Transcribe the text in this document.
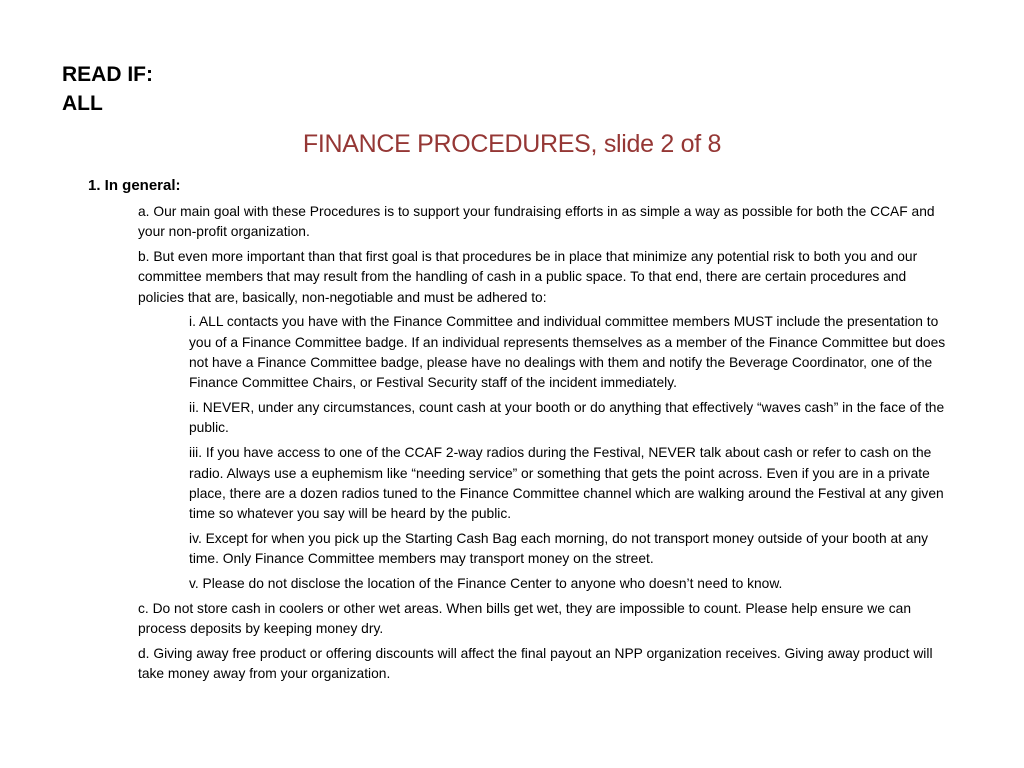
READ IF:
ALL
FINANCE PROCEDURES, slide 2 of 8
1. In general:

a. Our main goal with these Procedures is to support your fundraising efforts in as simple a way as possible for both the CCAF and your non-profit organization.

b. But even more important than that first goal is that procedures be in place that minimize any potential risk to both you and our committee members that may result from the handling of cash in a public space. To that end, there are certain procedures and policies that are, basically, non-negotiable and must be adhered to:

i. ALL contacts you have with the Finance Committee and individual committee members MUST include the presentation to you of a Finance Committee badge. If an individual represents themselves as a member of the Finance Committee but does not have a Finance Committee badge, please have no dealings with them and notify the Beverage Coordinator, one of the Finance Committee Chairs, or Festival Security staff of the incident immediately.

ii. NEVER, under any circumstances, count cash at your booth or do anything that effectively “waves cash” in the face of the public.

iii. If you have access to one of the CCAF 2-way radios during the Festival, NEVER talk about cash or refer to cash on the radio. Always use a euphemism like “needing service” or something that gets the point across. Even if you are in a private place, there are a dozen radios tuned to the Finance Committee channel which are walking around the Festival at any given time so whatever you say will be heard by the public.

iv. Except for when you pick up the Starting Cash Bag each morning, do not transport money outside of your booth at any time. Only Finance Committee members may transport money on the street.

v. Please do not disclose the location of the Finance Center to anyone who doesn’t need to know.

c. Do not store cash in coolers or other wet areas. When bills get wet, they are impossible to count. Please help ensure we can process deposits by keeping money dry.

d. Giving away free product or offering discounts will affect the final payout an NPP organization receives. Giving away product will take money away from your organization.
